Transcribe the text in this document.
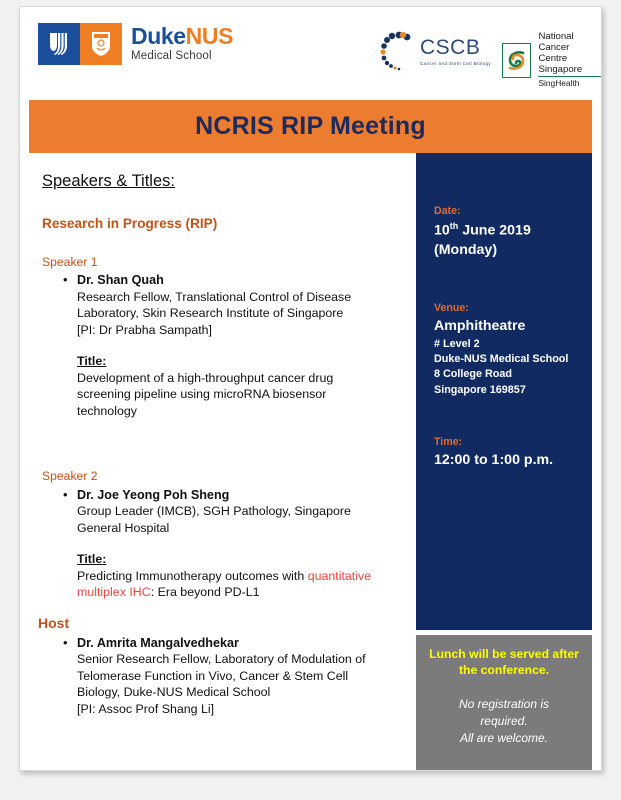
DukeNUS
Medical School	CSCB
Cancer and Stem Cell Biology
National Cancer
Centre Singapore
SingHealth
NCRIS RIP Meeting
Speakers & Titles:
Research in Progress (RIP)
Speaker 1
• Dr. Shan Quah
Research Fellow, Translational Control of Disease
Laboratory, Skin Research Institute of Singapore
[PI: Dr Prabha Sampath]
Title:
Development of a high-throughput cancer drug
screening pipeline using microRNA biosensor
technology
Speaker 2
• Dr. Joe Yeong Poh Sheng
Group Leader (IMCB), SGH Pathology, Singapore
General Hospital
Title:
Predicting Immunotherapy outcomes with quantitative
multiplex IHC: Era beyond PD-L1
Host
• Dr. Amrita Mangalvedhekar
Senior Research Fellow, Laboratory of Modulation of
Telomerase Function in Vivo, Cancer & Stem Cell
Biology, Duke-NUS Medical School
[PI: Assoc Prof Shang Li]
Date:
10th June 2019
(Monday)
Venue:
Amphitheatre
# Level 2
Duke-NUS Medical School
8 College Road
Singapore 169857
Time:
12:00 to 1:00 p.m.
Lunch will be served after
the conference.
No registration is
required.
All are welcome.
